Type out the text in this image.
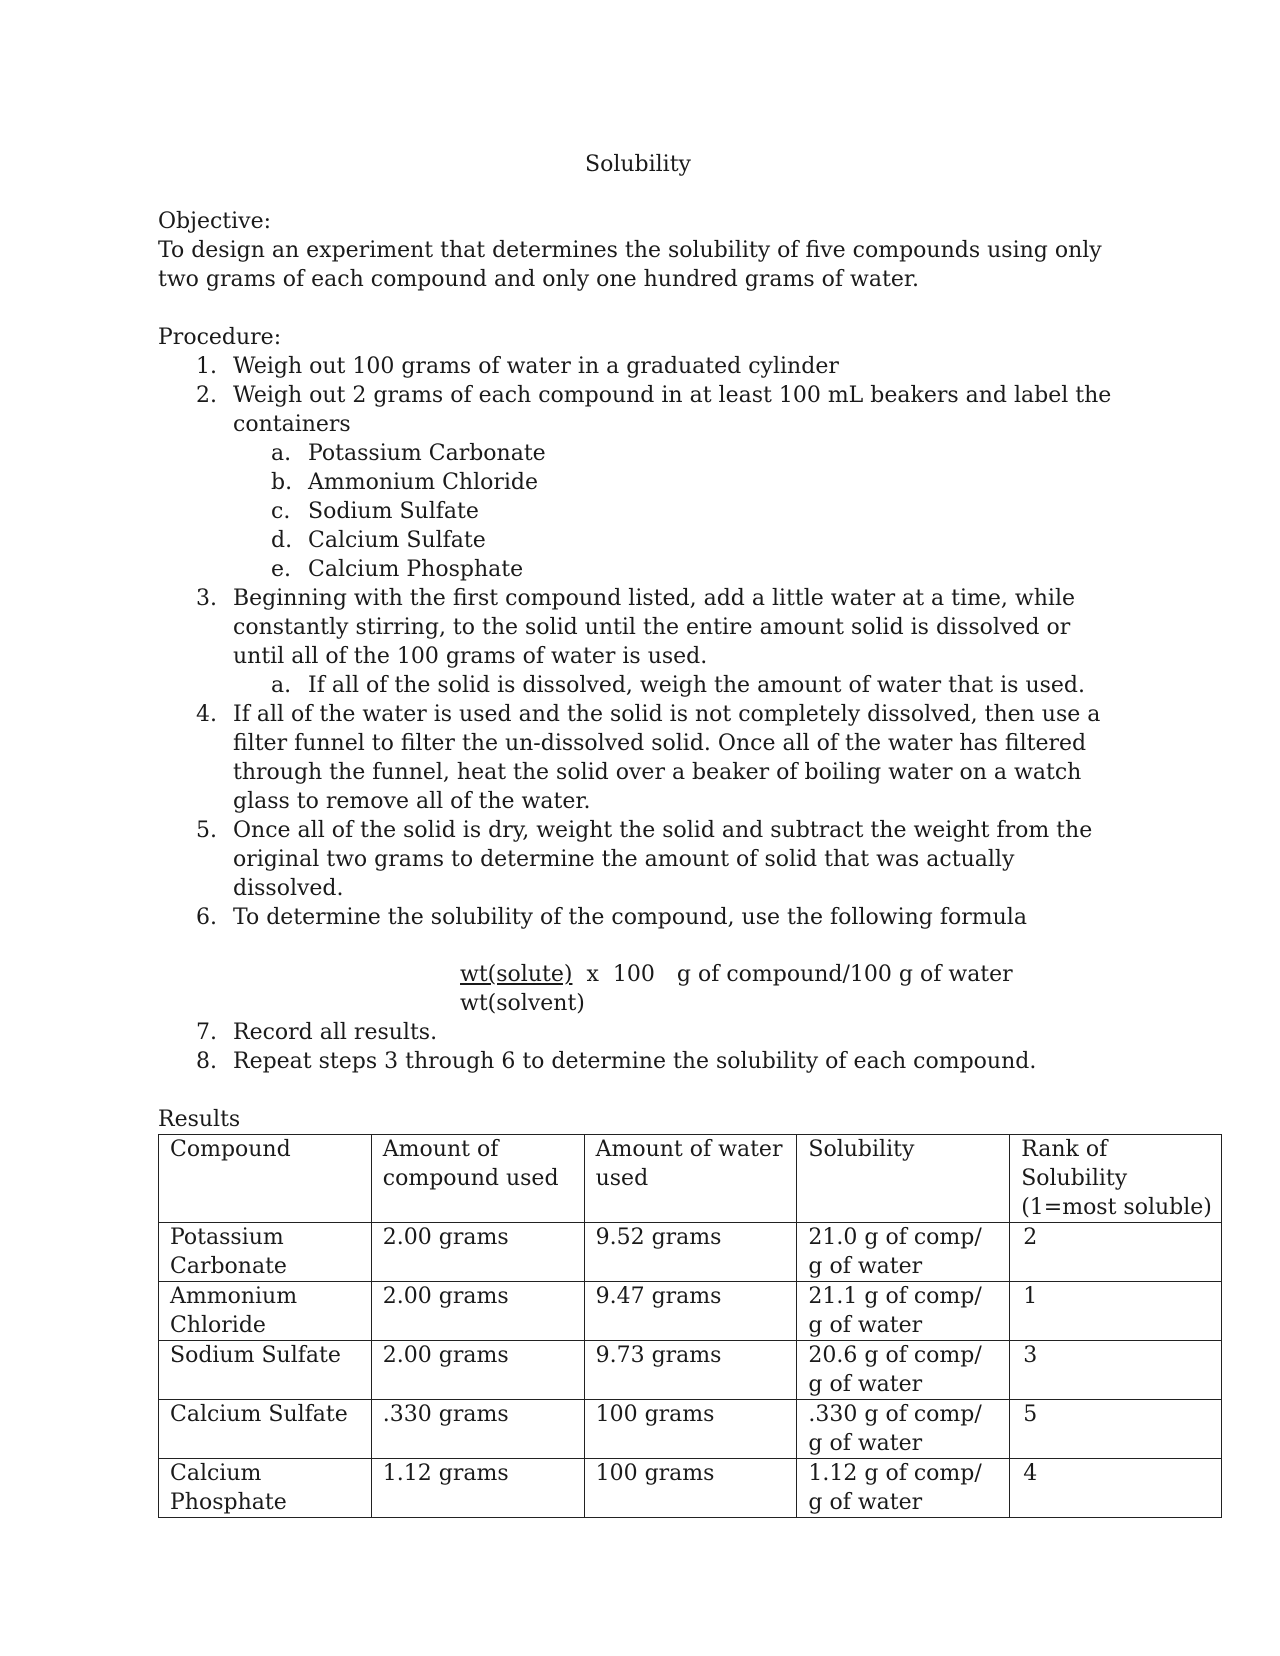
Solubility
Objective:
To design an experiment that determines the solubility of five compounds using only two grams of each compound and only one hundred grams of water.
Procedure:
1. Weigh out 100 grams of water in a graduated cylinder
2. Weigh out 2 grams of each compound in at least 100 mL beakers and label the containers
a. Potassium Carbonate
b. Ammonium Chloride
c. Sodium Sulfate
d. Calcium Sulfate
e. Calcium Phosphate
3. Beginning with the first compound listed, add a little water at a time, while constantly stirring, to the solid until the entire amount solid is dissolved or until all of the 100 grams of water is used.
a. If all of the solid is dissolved, weigh the amount of water that is used.
4. If all of the water is used and the solid is not completely dissolved, then use a filter funnel to filter the un-dissolved solid. Once all of the water has filtered through the funnel, heat the solid over a beaker of boiling water on a watch glass to remove all of the water.
5. Once all of the solid is dry, weight the solid and subtract the weight from the original two grams to determine the amount of solid that was actually dissolved.
6. To determine the solubility of the compound, use the following formula
wt(solute) x 100 g of compound/100 g of water
wt(solvent)
7. Record all results.
8. Repeat steps 3 through 6 to determine the solubility of each compound.
Results
Compound	Amount of compound used	Amount of water used	Solubility	Rank of Solubility (1=most soluble)
Potassium Carbonate	2.00 grams	9.52 grams	21.0 g of comp/ g of water	2
Ammonium Chloride	2.00 grams	9.47 grams	21.1 g of comp/ g of water	1
Sodium Sulfate	2.00 grams	9.73 grams	20.6 g of comp/ g of water	3
Calcium Sulfate	.330 grams	100 grams	.330 g of comp/ g of water	5
Calcium Phosphate	1.12 grams	100 grams	1.12 g of comp/ g of water	4
